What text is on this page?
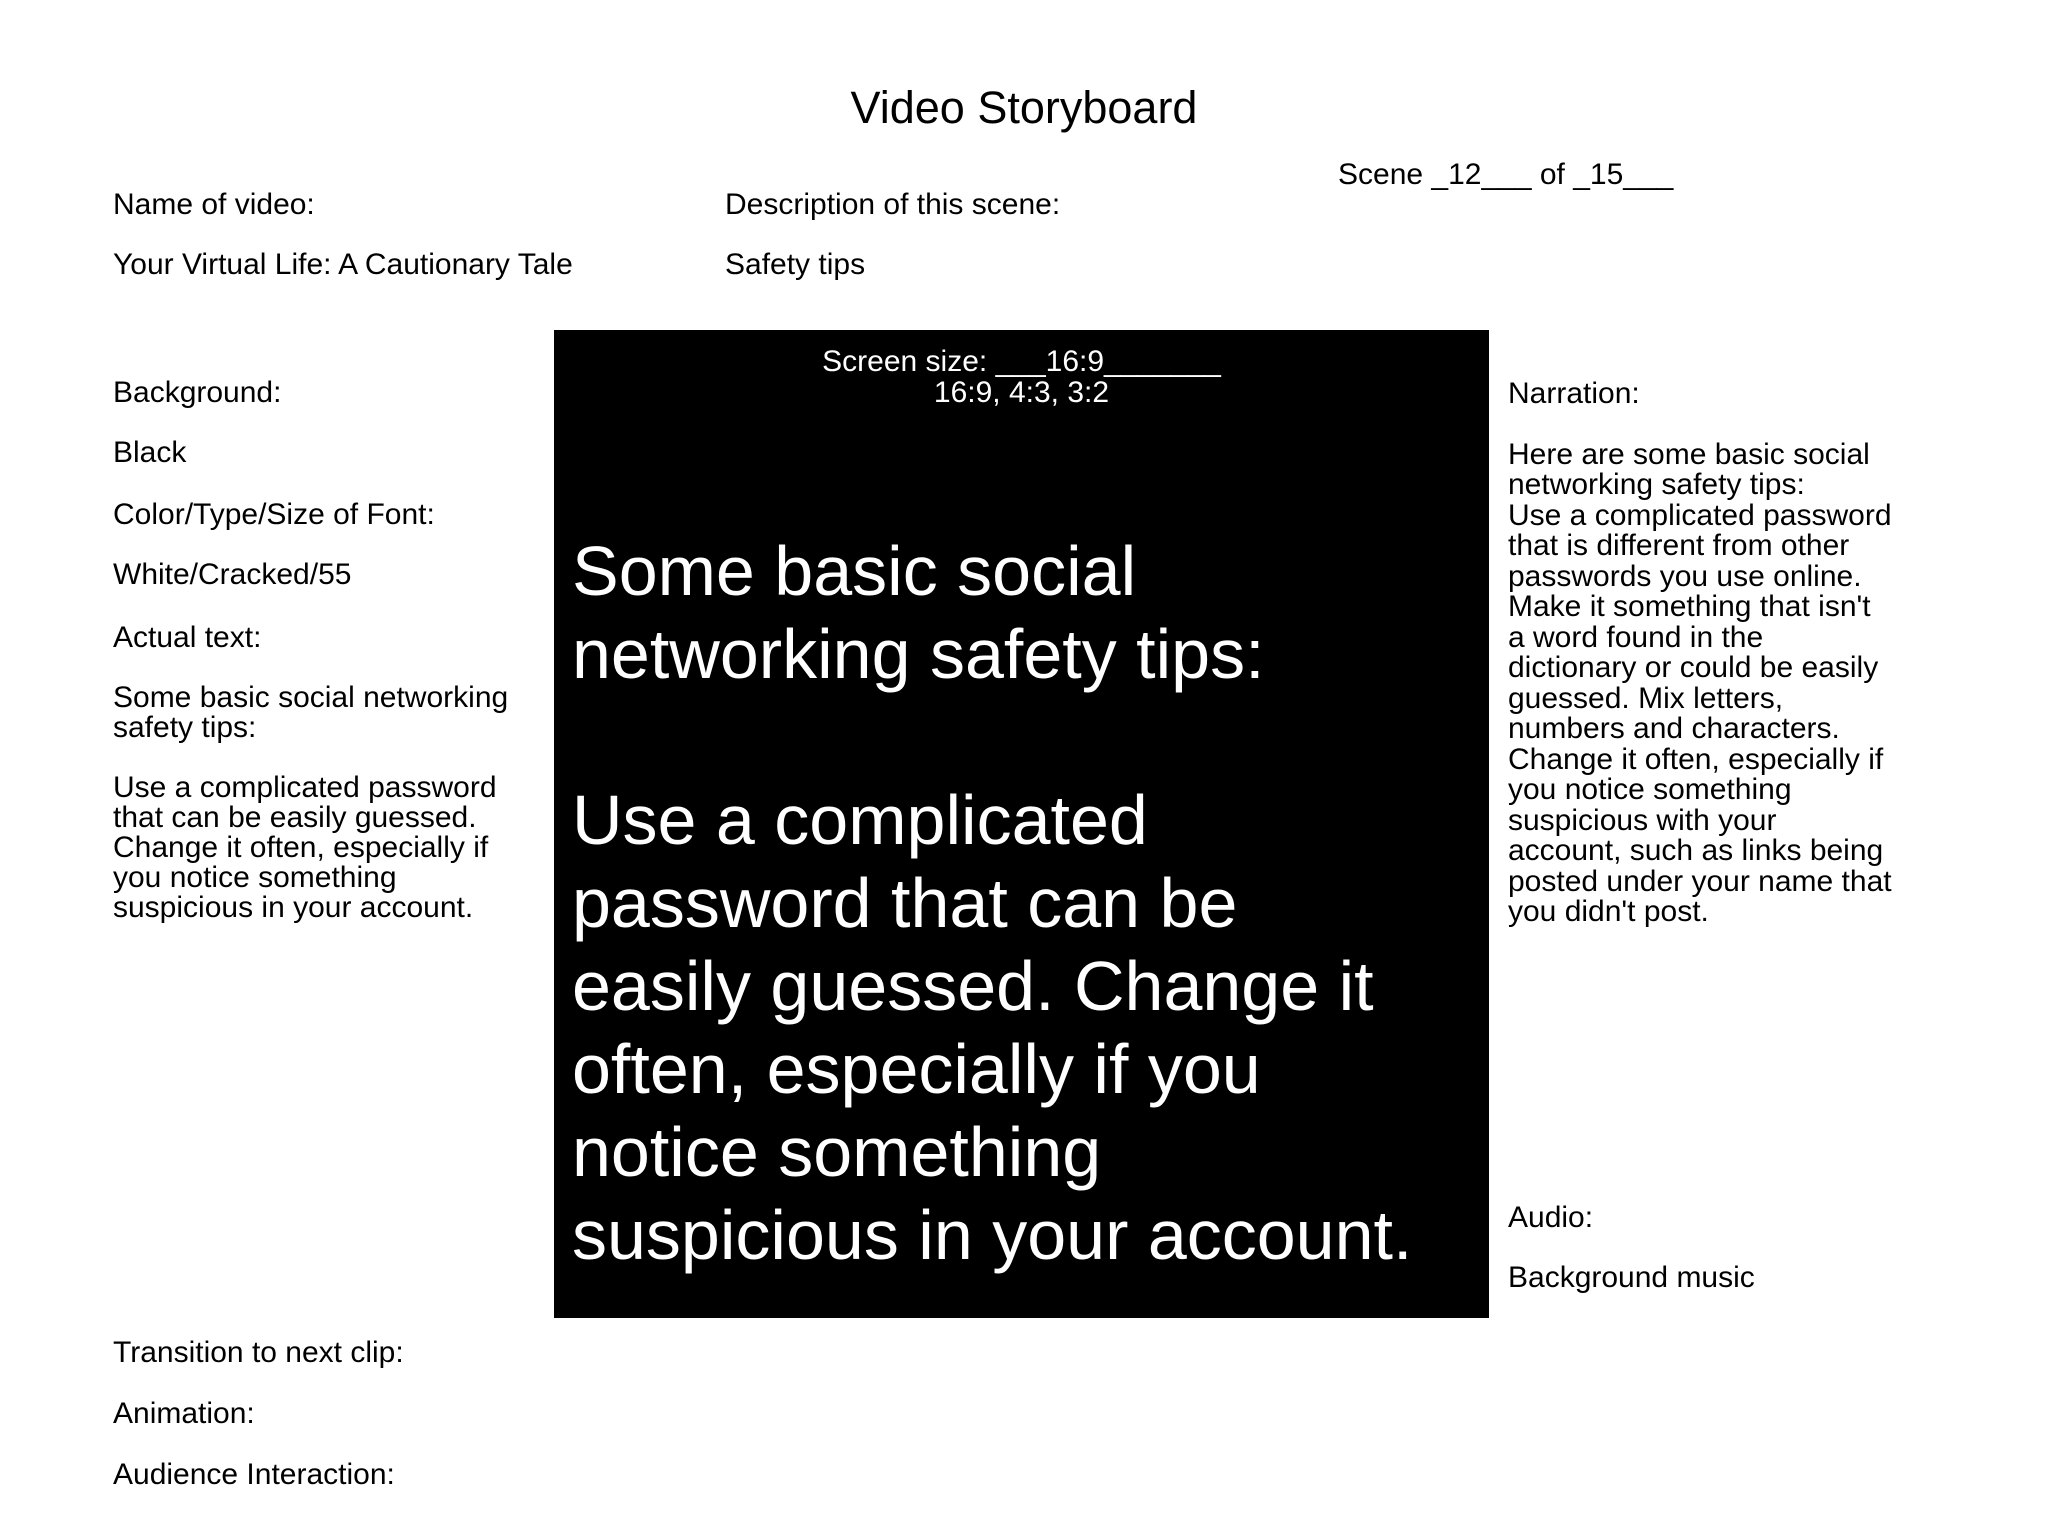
Video Storyboard

Name of video:

Your Virtual Life: A Cautionary Tale

Description of this scene:

Safety tips

Scene _12___ of _15___

Background:

Black

Color/Type/Size of Font:

White/Cracked/55

Actual text:

Some basic social networking
safety tips:

Use a complicated password
that can be easily guessed.
Change it often, especially if
you notice something
suspicious in your account.

Screen size: ___16:9_______
16:9, 4:3, 3:2
Some basic social
networking safety tips:

Use a complicated
password that can be
easily guessed. Change it
often, especially if you
notice something
suspicious in your account.

Narration:

Here are some basic social
networking safety tips:
Use a complicated password
that is different from other
passwords you use online.
Make it something that isn't
a word found in the
dictionary or could be easily
guessed. Mix letters,
numbers and characters.
Change it often, especially if
you notice something
suspicious with your
account, such as links being
posted under your name that
you didn't post.

Audio:

Background music

Transition to next clip:
Animation:
Audience Interaction:
